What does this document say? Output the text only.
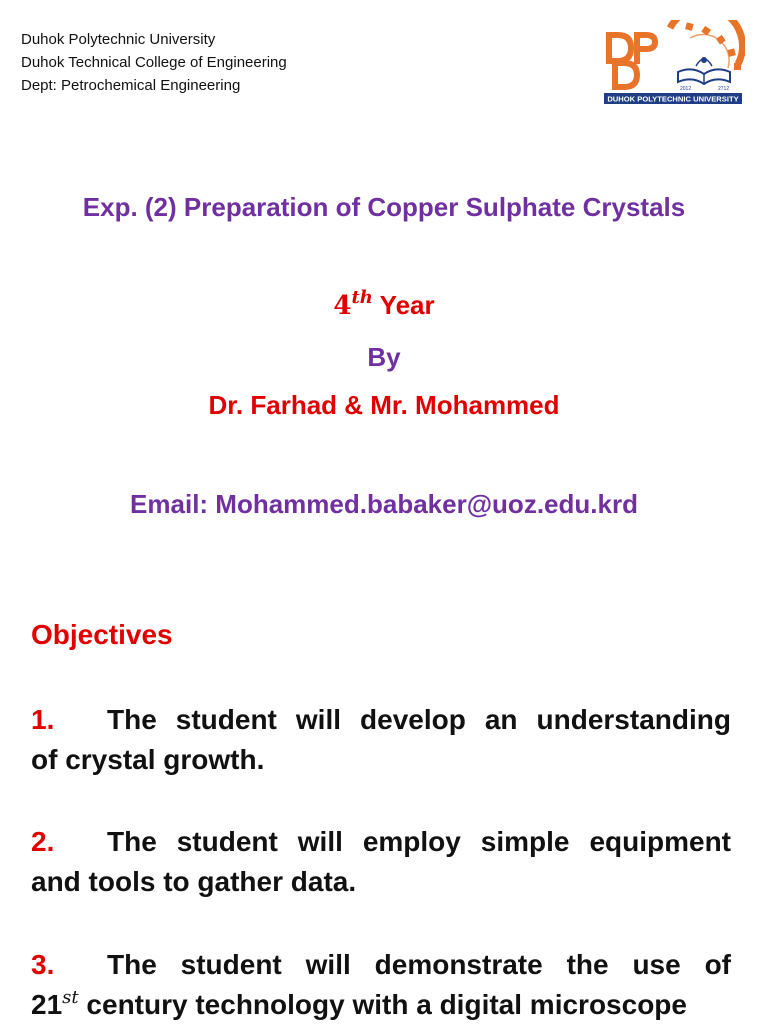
Duhok Polytechnic University
Duhok Technical College of Engineering
Dept: Petrochemical Engineering	2012	2712
DUHOK POLYTECHNIC UNIVERSITY
Exp. (2) Preparation of Copper Sulphate Crystals
4th Year
By
Dr. Farhad & Mr. Mohammed
Email: Mohammed.babaker@uoz.edu.krd
Objectives
1.	The student will develop an understanding
of crystal growth.
2.	The student will employ simple equipment
and tools to gather data.
3.	The student will demonstrate the use of
21st century technology with a digital microscope
